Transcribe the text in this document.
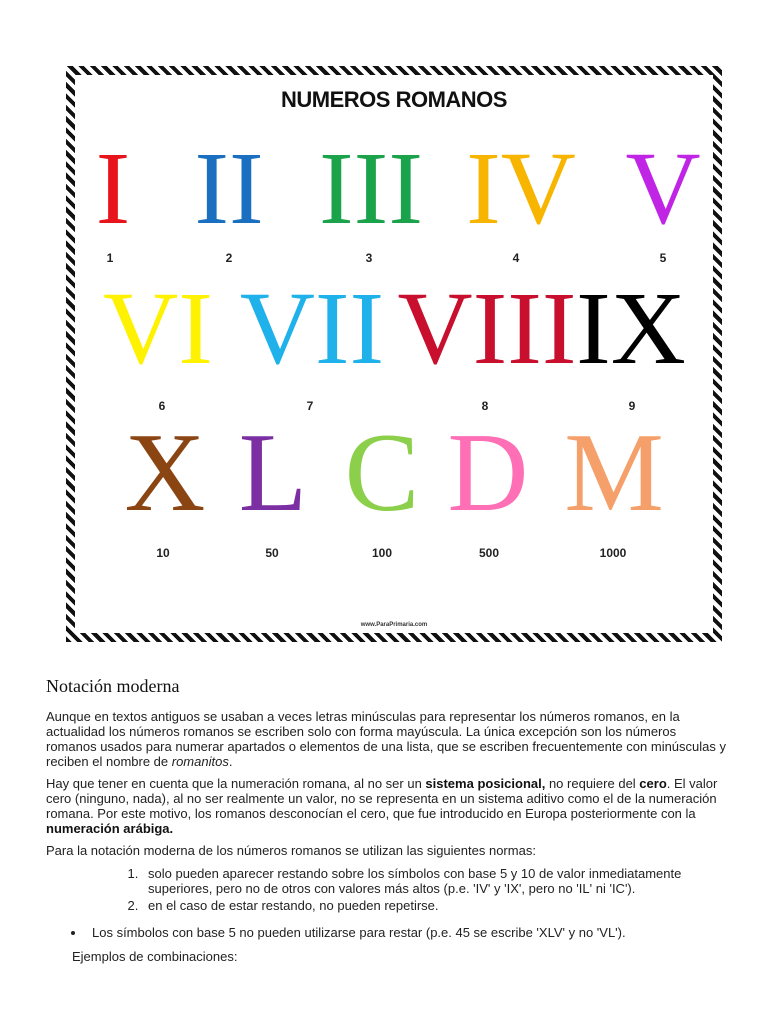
NUMEROS ROMANOS
I II III IV V
1	2	3	4	5
VI VII VIII IX
6	7	8	9
X L C D M
10	50	100	500	1000
www.ParaPrimaria.com
Notación moderna

Aunque en textos antiguos se usaban a veces letras minúsculas para representar los números romanos, en la actualidad los números romanos se escriben solo con forma mayúscula. La única excepción son los números romanos usados para numerar apartados o elementos de una lista, que se escriben frecuentemente con minúsculas y reciben el nombre de romanitos.

Hay que tener en cuenta que la numeración romana, al no ser un sistema posicional, no requiere del cero. El valor cero (ninguno, nada), al no ser realmente un valor, no se representa en un sistema aditivo como el de la numeración romana. Por este motivo, los romanos desconocían el cero, que fue introducido en Europa posteriormente con la numeración arábiga.

Para la notación moderna de los números romanos se utilizan las siguientes normas:

1. solo pueden aparecer restando sobre los símbolos con base 5 y 10 de valor inmediatamente superiores, pero no de otros con valores más altos (p.e. 'IV' y 'IX', pero no 'IL' ni 'IC').
2. en el caso de estar restando, no pueden repetirse.
• Los símbolos con base 5 no pueden utilizarse para restar (p.e. 45 se escribe 'XLV' y no 'VL').

Ejemplos de combinaciones:
